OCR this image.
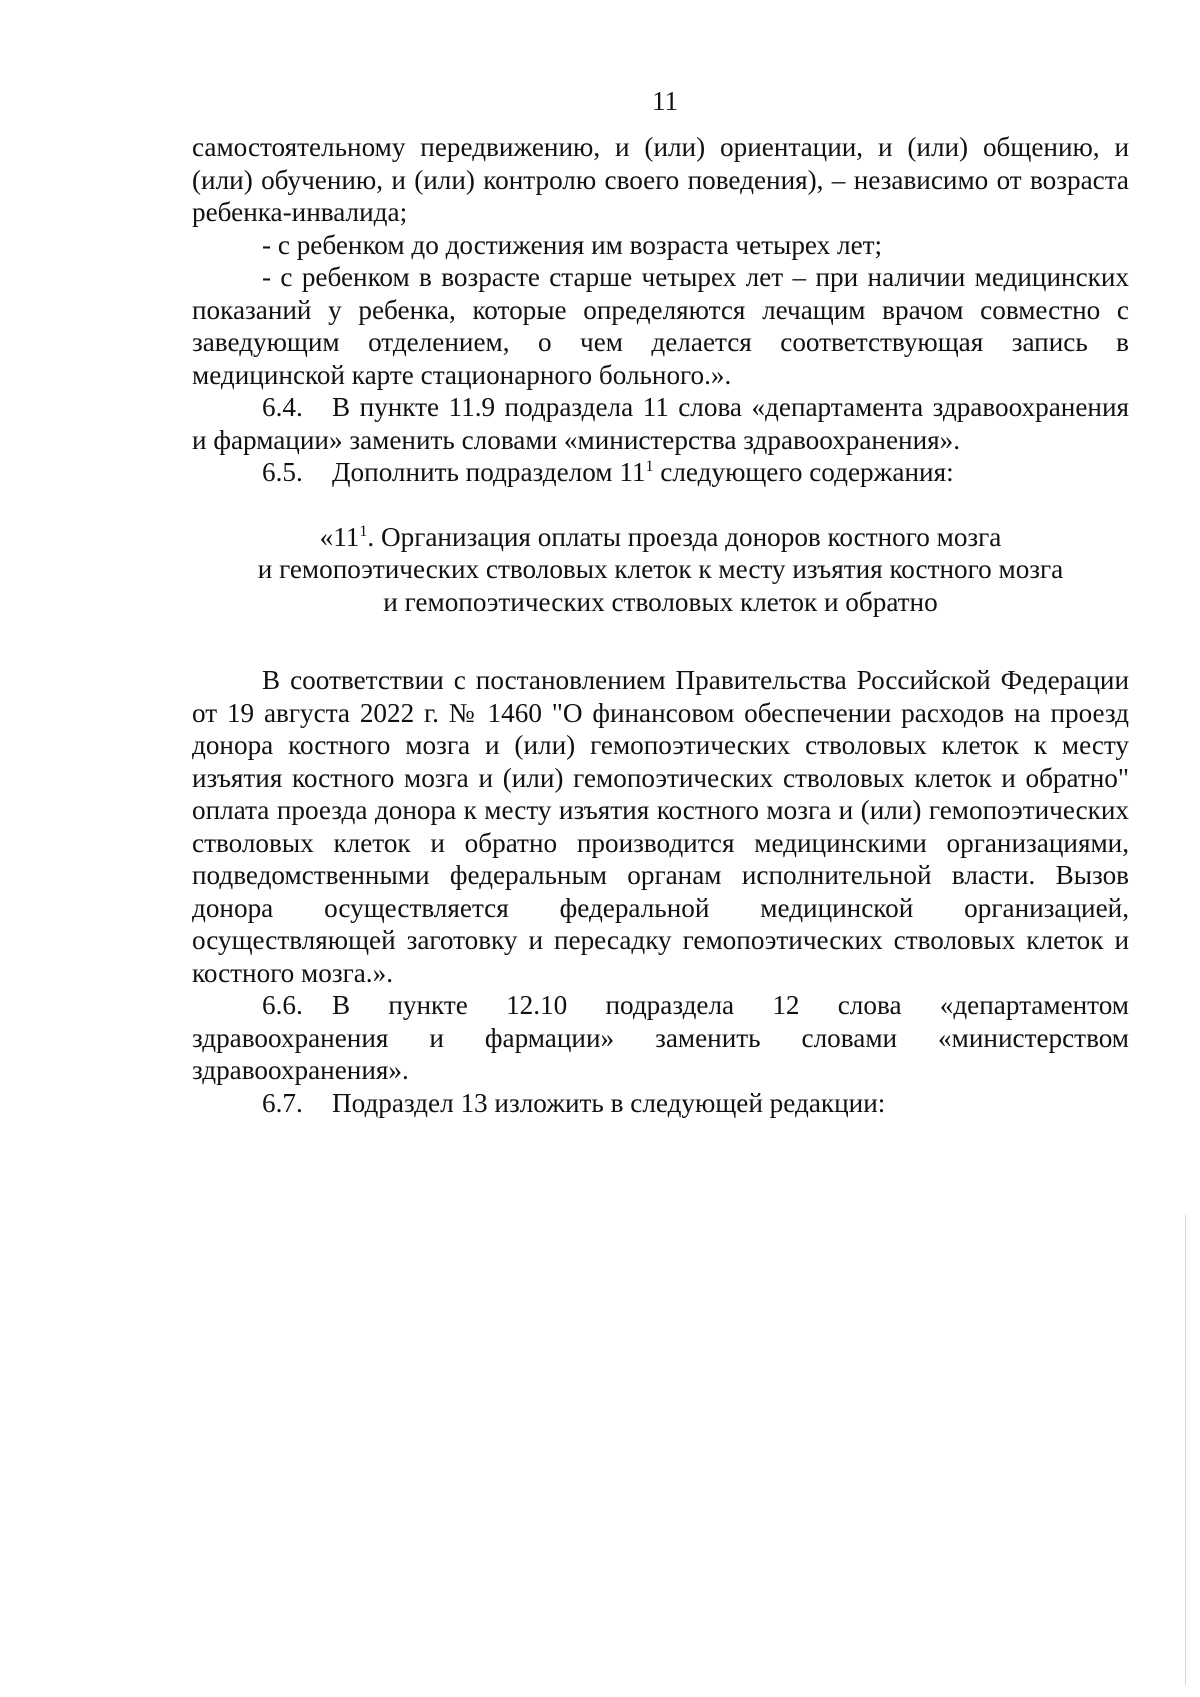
11

самостоятельному передвижению, и (или) ориентации, и (или) общению, и (или) обучению, и (или) контролю своего поведения), – независимо от возраста ребенка-инвалида;

- с ребенком до достижения им возраста четырех лет;

- с ребенком в возрасте старше четырех лет – при наличии медицинских показаний у ребенка, которые определяются лечащим врачом совместно с заведующим отделением, о чем делается соответствующая запись в медицинской карте стационарного больного.».

6.4. В пункте 11.9 подраздела 11 слова «департамента здравоохранения и фармации» заменить словами «министерства здравоохранения».

6.5. Дополнить подразделом $11^1$ следующего содержания:

«$11^1$. Организация оплаты проезда доноров костного мозга

и гемопоэтических стволовых клеток к месту изъятия костного мозга

и гемопоэтических стволовых клеток и обратно

В соответствии с постановлением Правительства Российской Федерации от 19 августа 2022 г. № 1460 "О финансовом обеспечении расходов на проезд донора костного мозга и (или) гемопоэтических стволовых клеток к месту изъятия костного мозга и (или) гемопоэтических стволовых клеток и обратно" оплата проезда донора к месту изъятия костного мозга и (или) гемопоэтических стволовых клеток и обратно производится медицинскими организациями, подведомственными федеральным органам исполнительной власти. Вызов донора осуществляется федеральной медицинской организацией, осуществляющей заготовку и пересадку гемопоэтических стволовых клеток и костного мозга.».

6.6. В пункте 12.10 подраздела 12 слова «департаментом здравоохранения и фармации» заменить словами «министерством здравоохранения».

6.7. Подраздел 13 изложить в следующей редакции:
